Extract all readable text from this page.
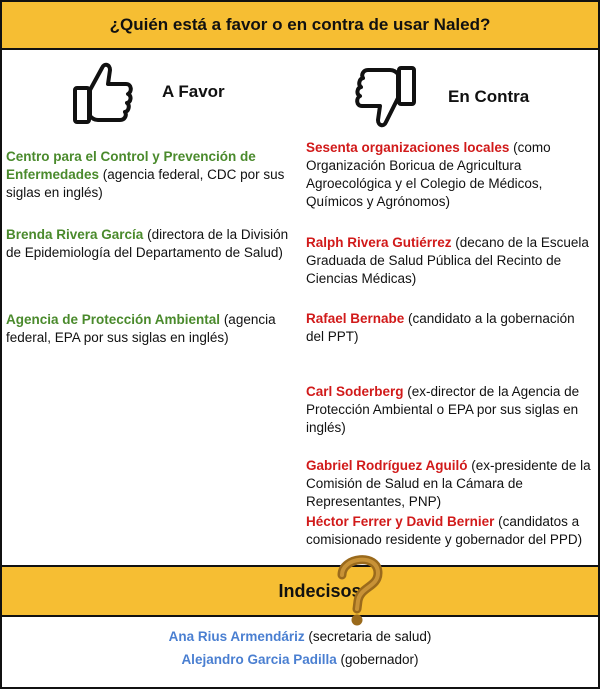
¿Quién está a favor o en contra de usar Naled?
A Favor	En Contra
Centro para el Control y Prevención de Enfermedades (agencia federal, CDC por sus siglas en inglés)
Brenda Rivera García (directora de la División de Epidemiología del Departamento de Salud)
Agencia de Protección Ambiental (agencia federal, EPA por sus siglas en inglés)
Sesenta organizaciones locales (como Organización Boricua de Agricultura Agroecológica y el Colegio de Médicos, Químicos y Agrónomos)
Ralph Rivera Gutiérrez (decano de la Escuela Graduada de Salud Pública del Recinto de Ciencias Médicas)
Rafael Bernabe (candidato a la gobernación del PPT)
Carl Soderberg (ex-director de la Agencia de Protección Ambiental o EPA por sus siglas en inglés)
Gabriel Rodríguez Aguiló (ex-presidente de la Comisión de Salud en la Cámara de Representantes, PNP)
Héctor Ferrer y David Bernier (candidatos a comisionado residente y gobernador del PPD)
Indecisos
Ana Rius Armendáriz (secretaria de salud)
Alejandro Garcia Padilla (gobernador)
